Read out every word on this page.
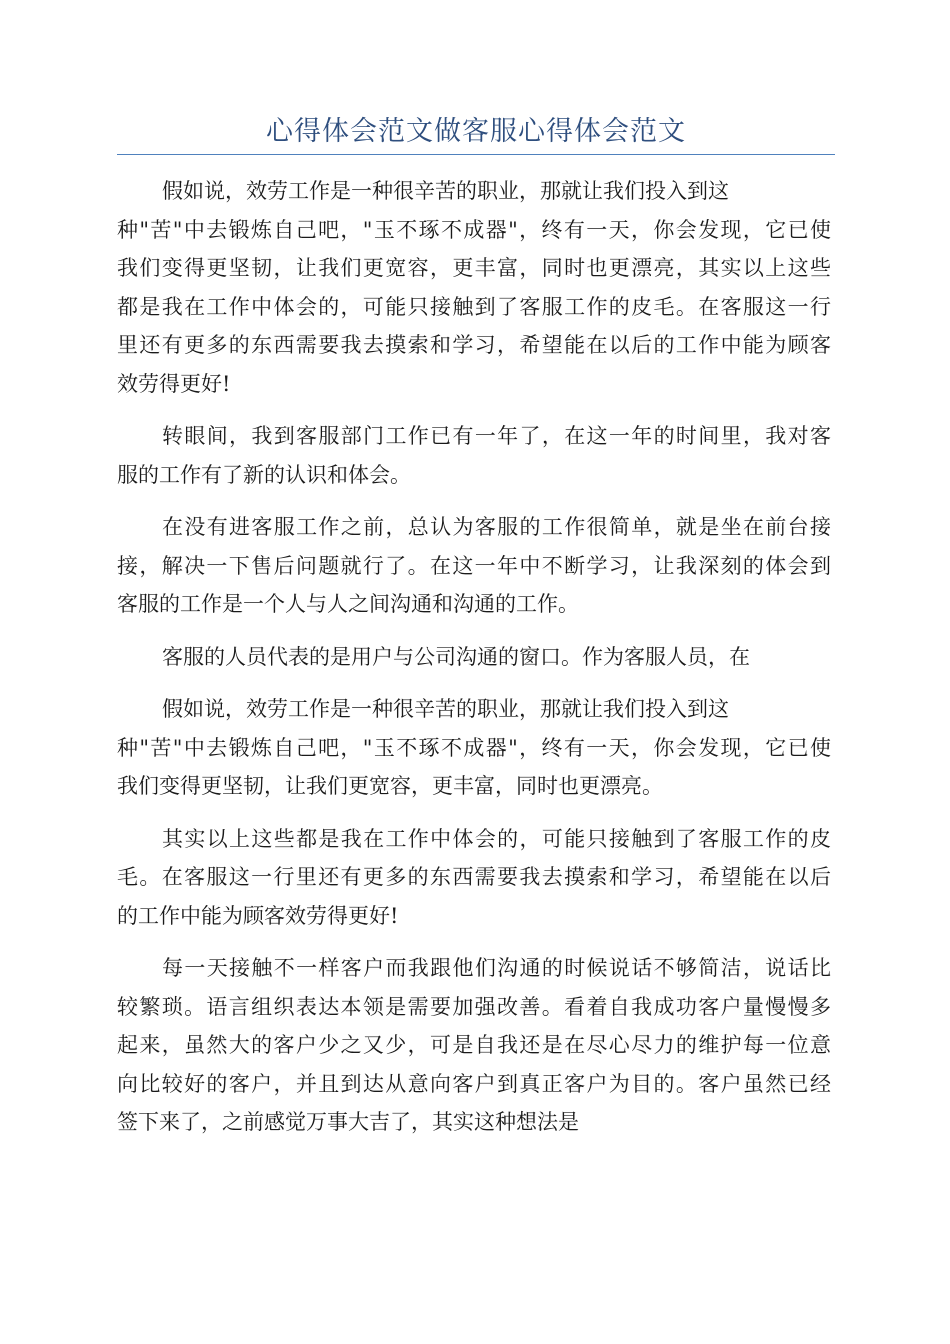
心得体会范文做客服心得体会范文

假如说，效劳工作是一种很辛苦的职业，那就让我们投入到这
种"苦"中去锻炼自己吧，"玉不琢不成器"，终有一天，你会发现，它已使
我们变得更坚韧，让我们更宽容，更丰富，同时也更漂亮，其实以上这些
都是我在工作中体会的，可能只接触到了客服工作的皮毛。在客服这一行
里还有更多的东西需要我去摸索和学习，希望能在以后的工作中能为顾客
效劳得更好!

转眼间，我到客服部门工作已有一年了，在这一年的时间里，我对客
服的工作有了新的认识和体会。

在没有进客服工作之前，总认为客服的工作很简单，就是坐在前台接
接，解决一下售后问题就行了。在这一年中不断学习，让我深刻的体会到
客服的工作是一个人与人之间沟通和沟通的工作。

客服的人员代表的是用户与公司沟通的窗口。作为客服人员，在

假如说，效劳工作是一种很辛苦的职业，那就让我们投入到这
种"苦"中去锻炼自己吧，"玉不琢不成器"，终有一天，你会发现，它已使
我们变得更坚韧，让我们更宽容，更丰富，同时也更漂亮。

其实以上这些都是我在工作中体会的，可能只接触到了客服工作的皮
毛。在客服这一行里还有更多的东西需要我去摸索和学习，希望能在以后
的工作中能为顾客效劳得更好!

每一天接触不一样客户而我跟他们沟通的时候说话不够简洁，说话比
较繁琐。语言组织表达本领是需要加强改善。看着自我成功客户量慢慢多
起来，虽然大的客户少之又少，可是自我还是在尽心尽力的维护每一位意
向比较好的客户，并且到达从意向客户到真正客户为目的。客户虽然已经
签下来了，之前感觉万事大吉了，其实这种想法是
